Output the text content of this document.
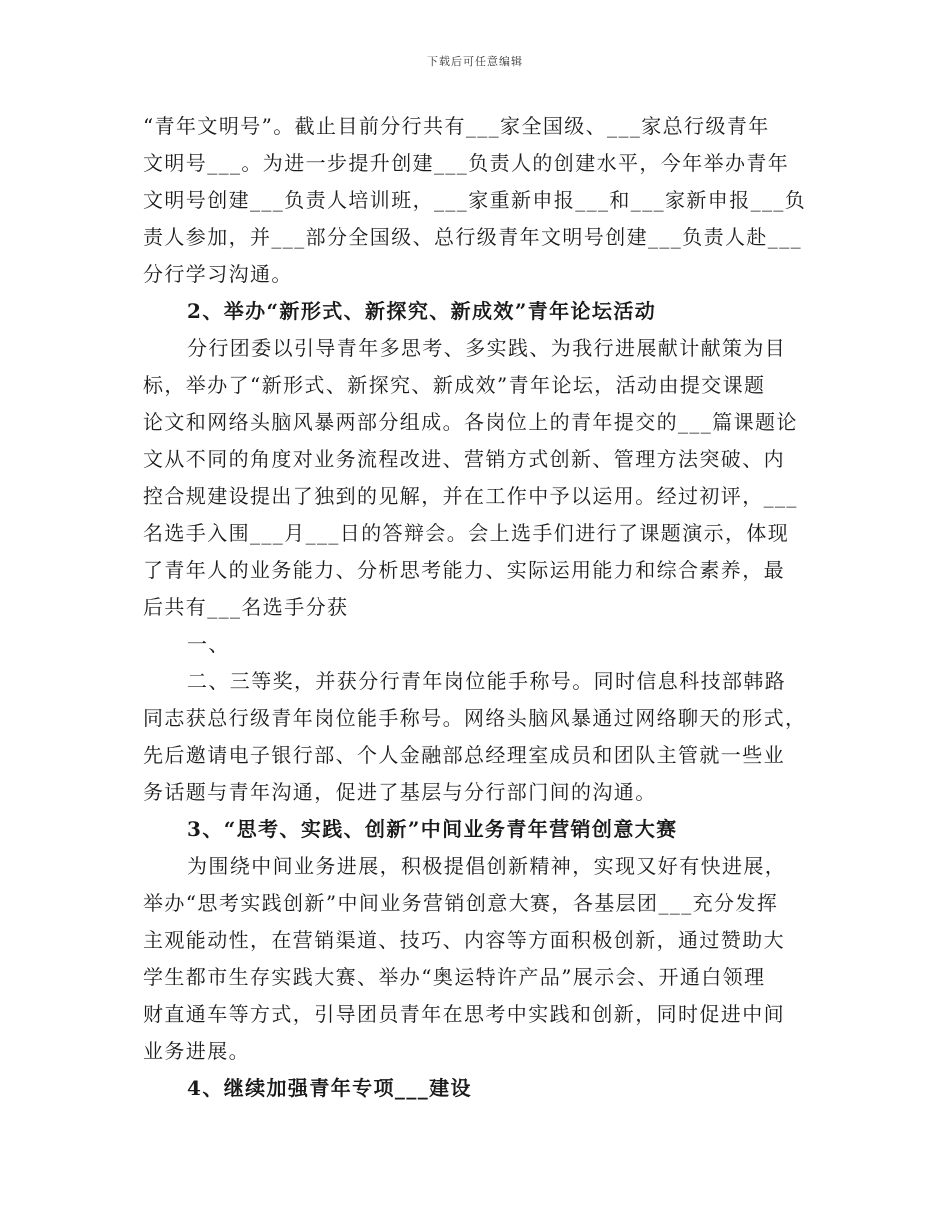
下载后可任意编辑
“青年文明号”。截止目前分行共有___家全国级、___家总行级青年
文明号___。为进一步提升创建___负责人的创建水平，今年举办青年
文明号创建___负责人培训班，___家重新申报___和___家新申报___负
责人参加，并___部分全国级、总行级青年文明号创建___负责人赴___
分行学习沟通。
2、举办“新形式、新探究、新成效”青年论坛活动
分行团委以引导青年多思考、多实践、为我行进展献计献策为目
标，举办了“新形式、新探究、新成效”青年论坛，活动由提交课题
论文和网络头脑风暴两部分组成。各岗位上的青年提交的___篇课题论
文从不同的角度对业务流程改进、营销方式创新、管理方法突破、内
控合规建设提出了独到的见解，并在工作中予以运用。经过初评，___
名选手入围___月___日的答辩会。会上选手们进行了课题演示，体现
了青年人的业务能力、分析思考能力、实际运用能力和综合素养，最
后共有___名选手分获
一、
二、三等奖，并获分行青年岗位能手称号。同时信息科技部韩路
同志获总行级青年岗位能手称号。网络头脑风暴通过网络聊天的形式，
先后邀请电子银行部、个人金融部总经理室成员和团队主管就一些业
务话题与青年沟通，促进了基层与分行部门间的沟通。
3、“思考、实践、创新”中间业务青年营销创意大赛
为围绕中间业务进展，积极提倡创新精神，实现又好有快进展，
举办“思考实践创新”中间业务营销创意大赛，各基层团___充分发挥
主观能动性，在营销渠道、技巧、内容等方面积极创新，通过赞助大
学生都市生存实践大赛、举办“奥运特许产品”展示会、开通白领理
财直通车等方式，引导团员青年在思考中实践和创新，同时促进中间
业务进展。
4、继续加强青年专项___建设
